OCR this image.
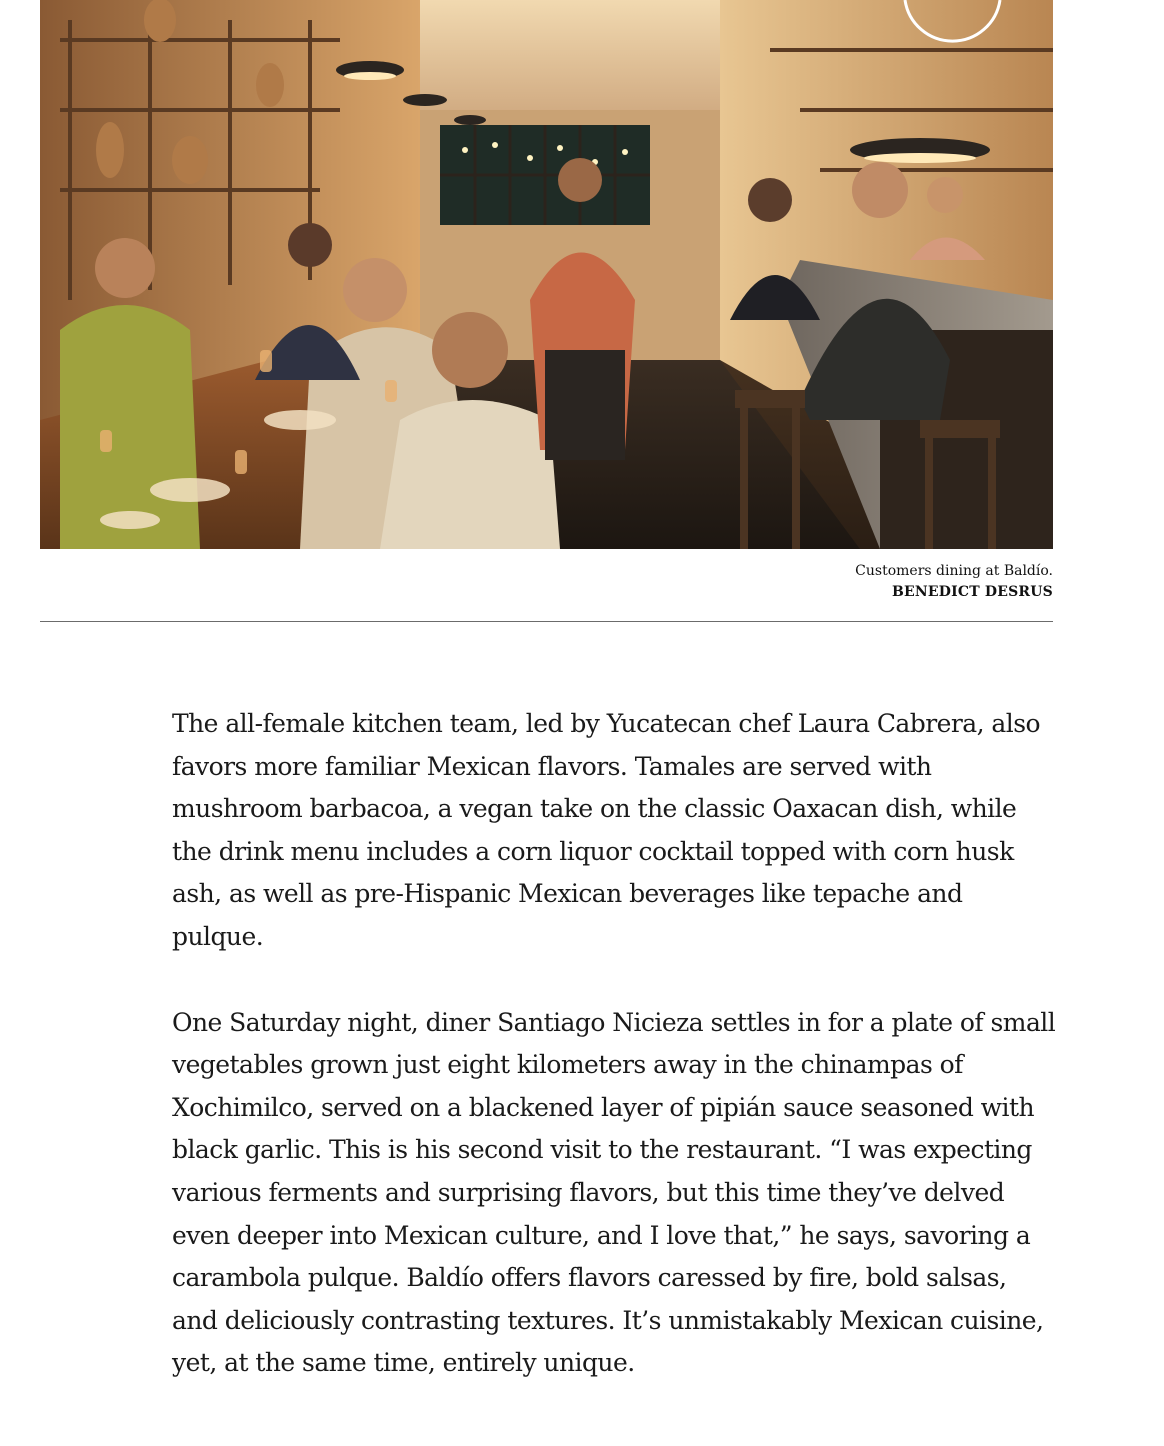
Customers dining at Baldío.
BENEDICT DESRUS

The all-female kitchen team, led by Yucatecan chef Laura Cabrera, also favors more familiar Mexican flavors. Tamales are served with mushroom barbacoa, a vegan take on the classic Oaxacan dish, while the drink menu includes a corn liquor cocktail topped with corn husk ash, as well as pre-Hispanic Mexican beverages like tepache and pulque.

One Saturday night, diner Santiago Nicieza settles in for a plate of small vegetables grown just eight kilometers away in the chinampas of Xochimilco, served on a blackened layer of pipián sauce seasoned with black garlic. This is his second visit to the restaurant. “I was expecting various ferments and surprising flavors, but this time they’ve delved even deeper into Mexican culture, and I love that,” he says, savoring a carambola pulque. Baldío offers flavors caressed by fire, bold salsas, and deliciously contrasting textures. It’s unmistakably Mexican cuisine, yet, at the same time, entirely unique.
